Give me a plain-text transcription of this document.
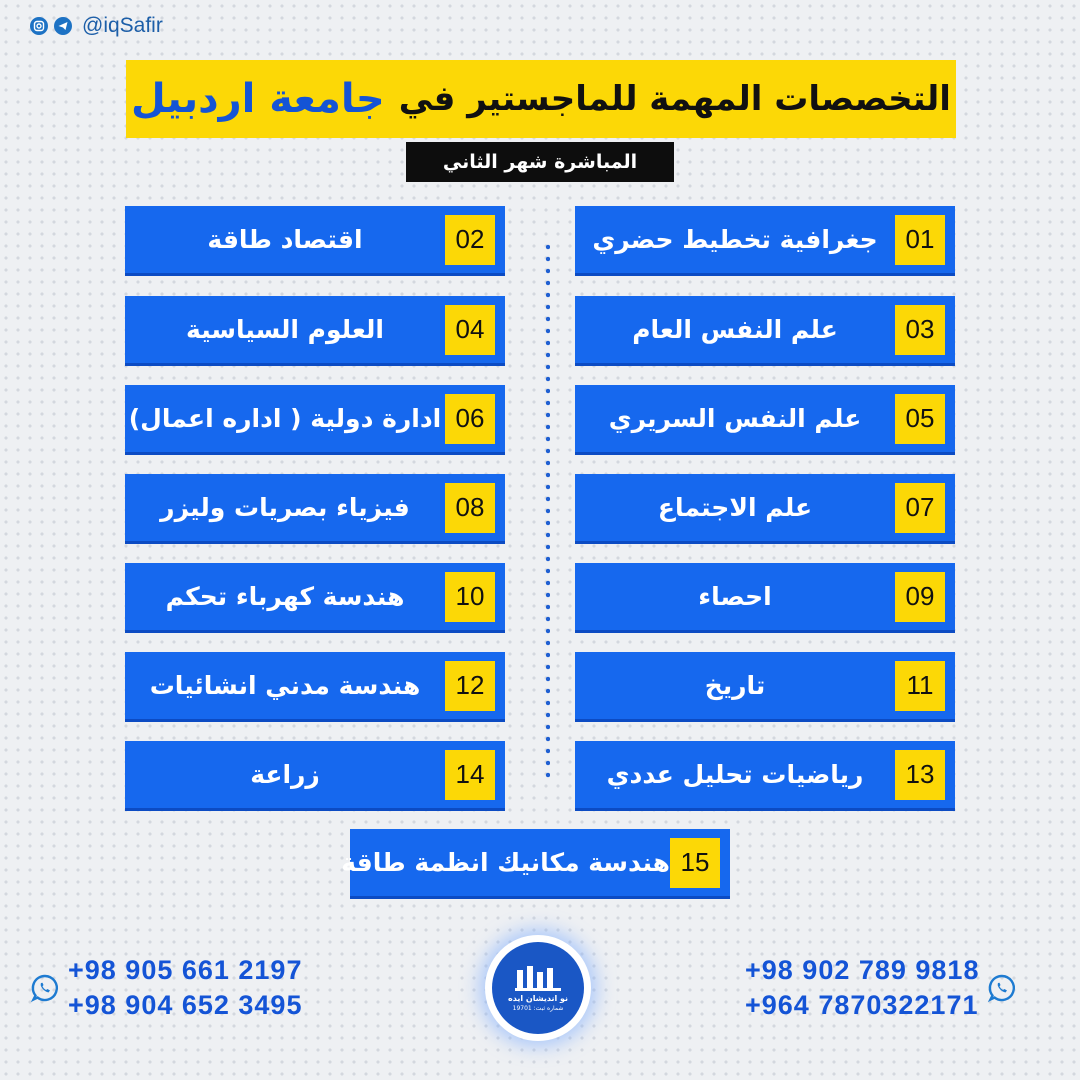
@iqSafir
التخصصات المهمة للماجستير في
جامعة اردبيل
المباشرة شهر الثاني
01
جغرافية تخطيط حضري
03
علم النفس العام
05
علم النفس السريري
07
علم الاجتماع
09
احصاء
11
تاريخ
13
رياضيات تحليل عددي
02
اقتصاد طاقة
04
العلوم السياسية
06
ادارة دولية ( اداره اعمال)
08
فيزياء بصريات وليزر
10
هندسة كهرباء تحكم
12
هندسة مدني انشائيات
14
زراعة
15
هندسة مكانيك انظمة طاقة
+98 905 661 2197
+98 904 652 3495	نو انديشان ايده
شماره ثبت: 19701
+98 902 789 9818
+964 7870322171
